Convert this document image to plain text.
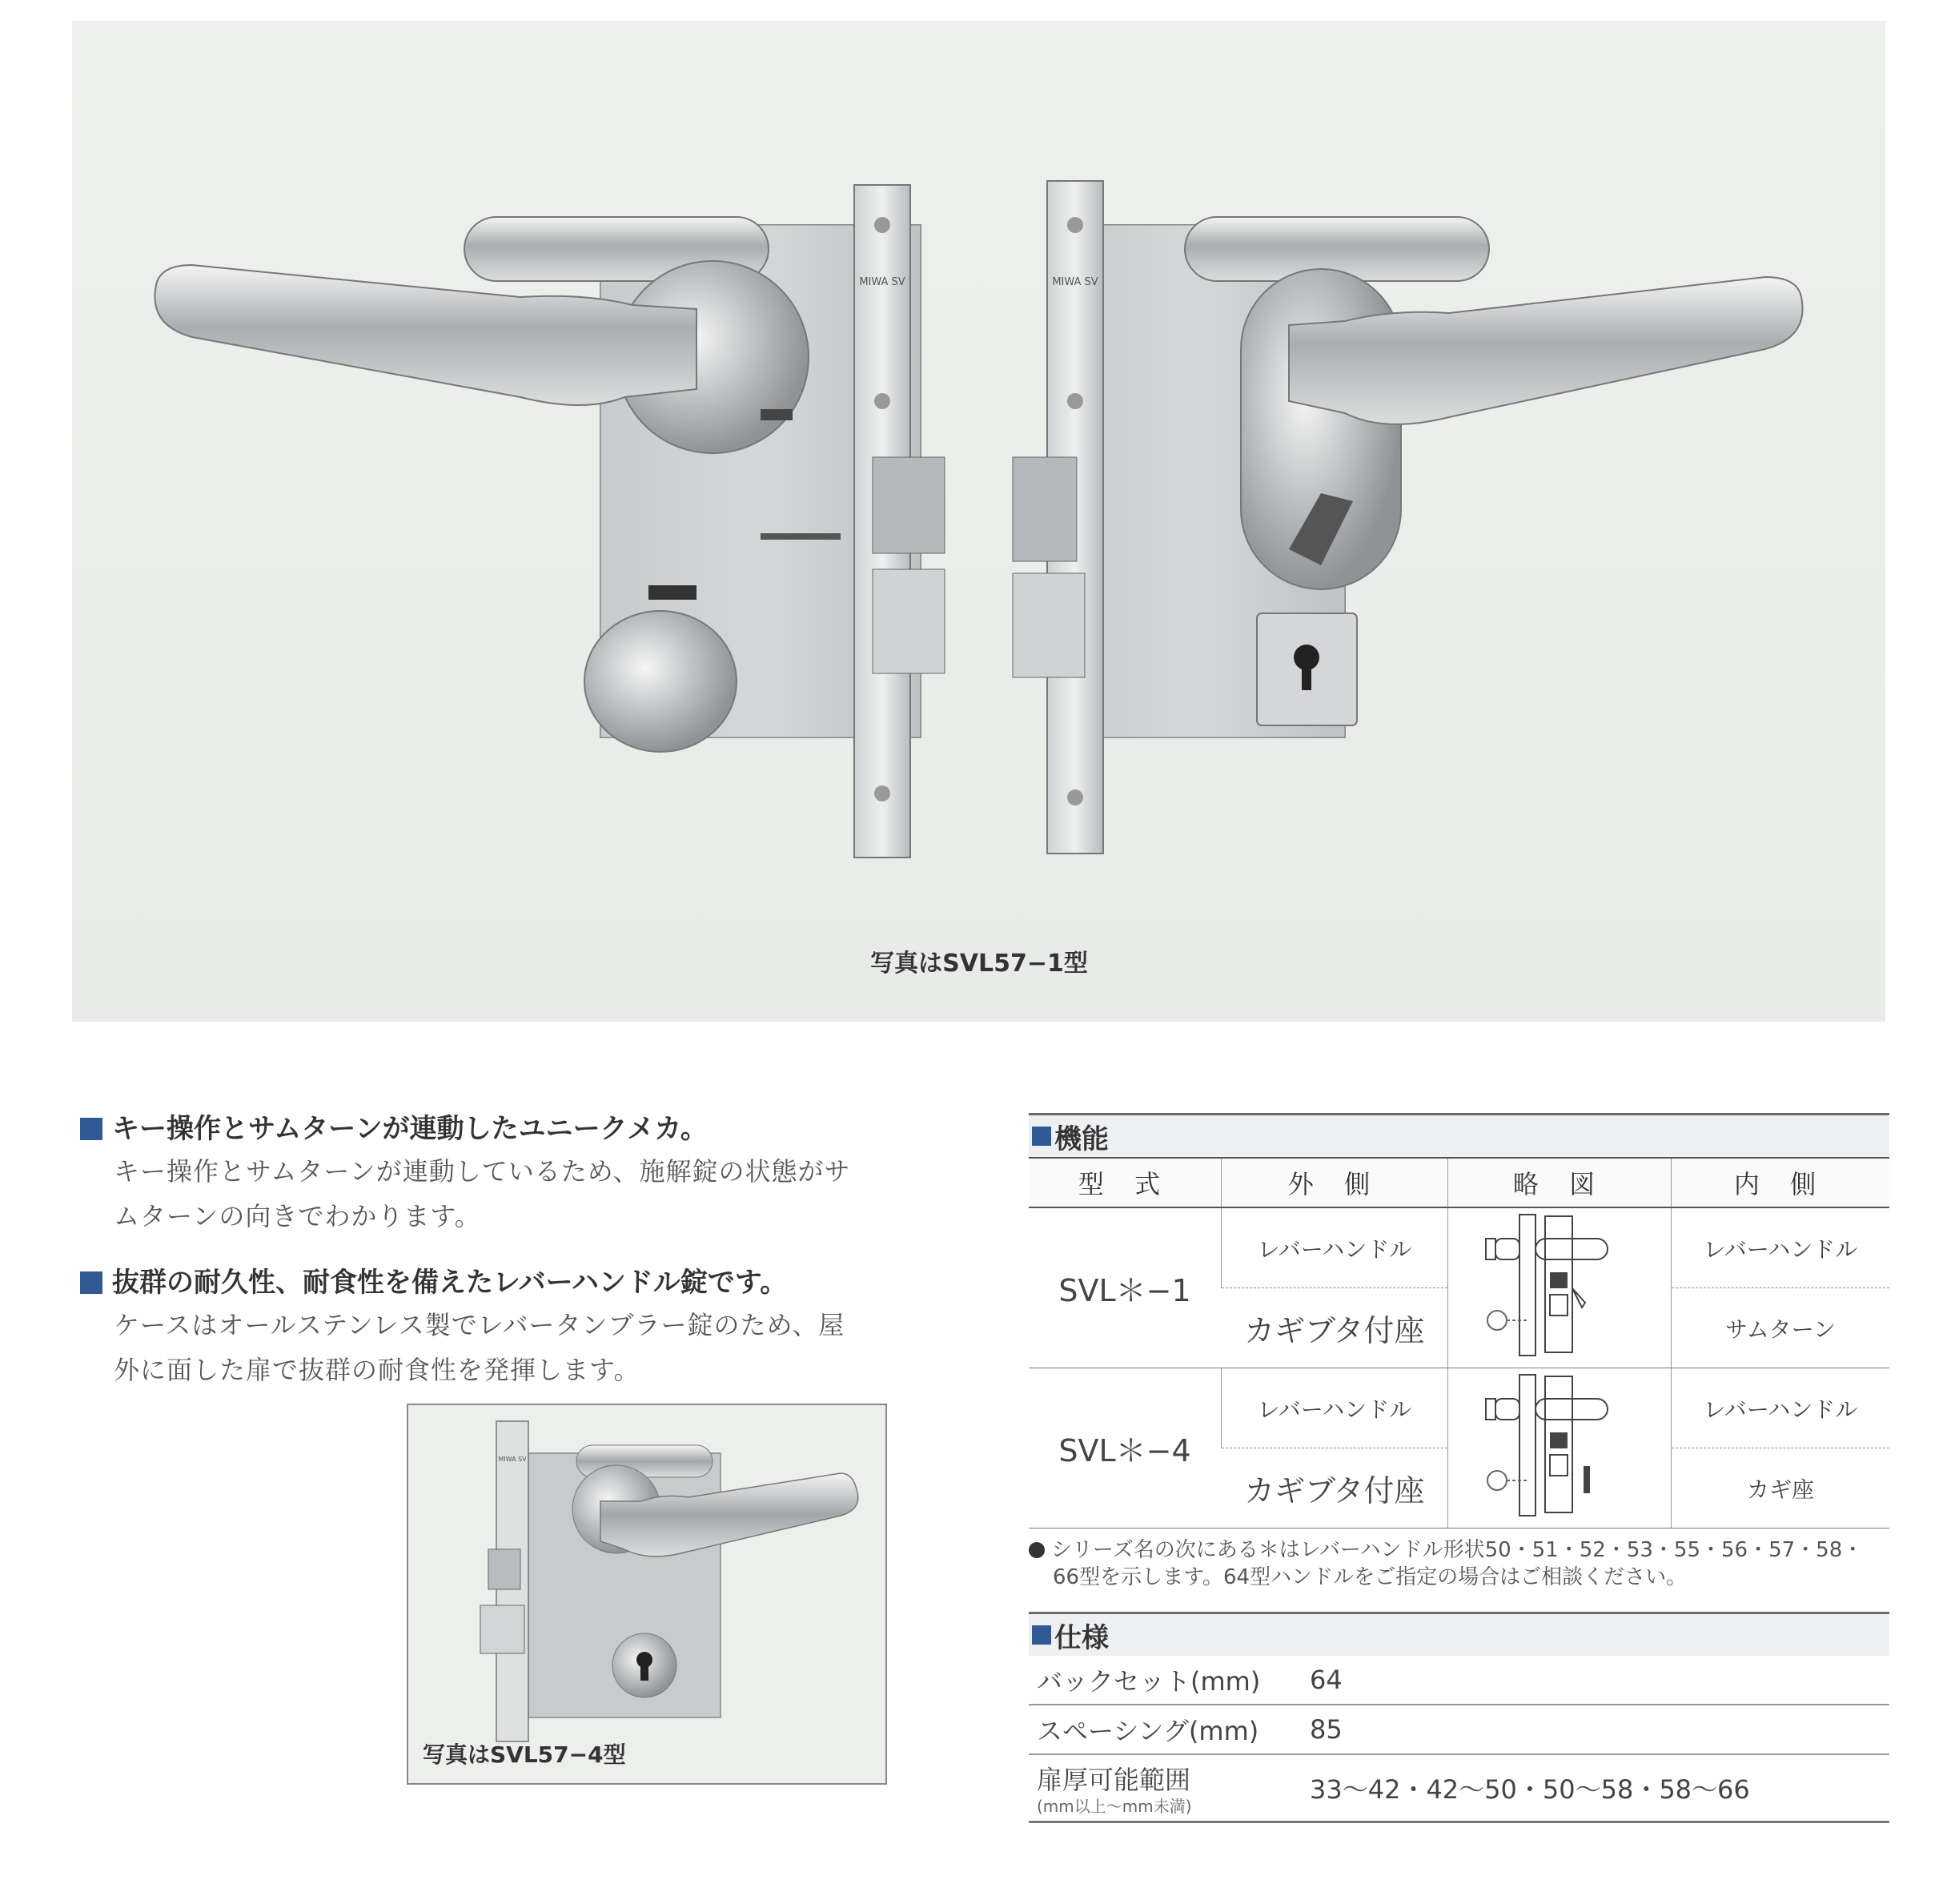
MIWA SV	MIWA SV
写真はSVL57−1型
キー操作とサムターンが連動したユニークメカ。
キー操作とサムターンが連動しているため、施解錠の状態がサ
ムターンの向きでわかります。
抜群の耐久性、耐食性を備えたレバーハンドル錠です。
ケースはオールステンレス製でレバータンブラー錠のため、屋
外に面した扉で抜群の耐食性を発揮します。
MIWA SV
写真はSVL57−4型
機能
型 式	外 側	略 図	内 側
SVL＊−1	レバーハンドル		レバーハンドル
	カギブタ付座		サムターン
SVL＊−4	レバーハンドル		レバーハンドル
	カギブタ付座		カギ座
シリーズ名の次にある＊はレバーハンドル形状50・51・52・53・55・56・57・58・66型を示します。64型ハンドルをご指定の場合はご相談ください。
仕様
バックセット(mm)	64
スペーシング(mm)	85
扉厚可能範囲
(mm以上〜mm未満)	33〜42・42〜50・50〜58・58〜66
